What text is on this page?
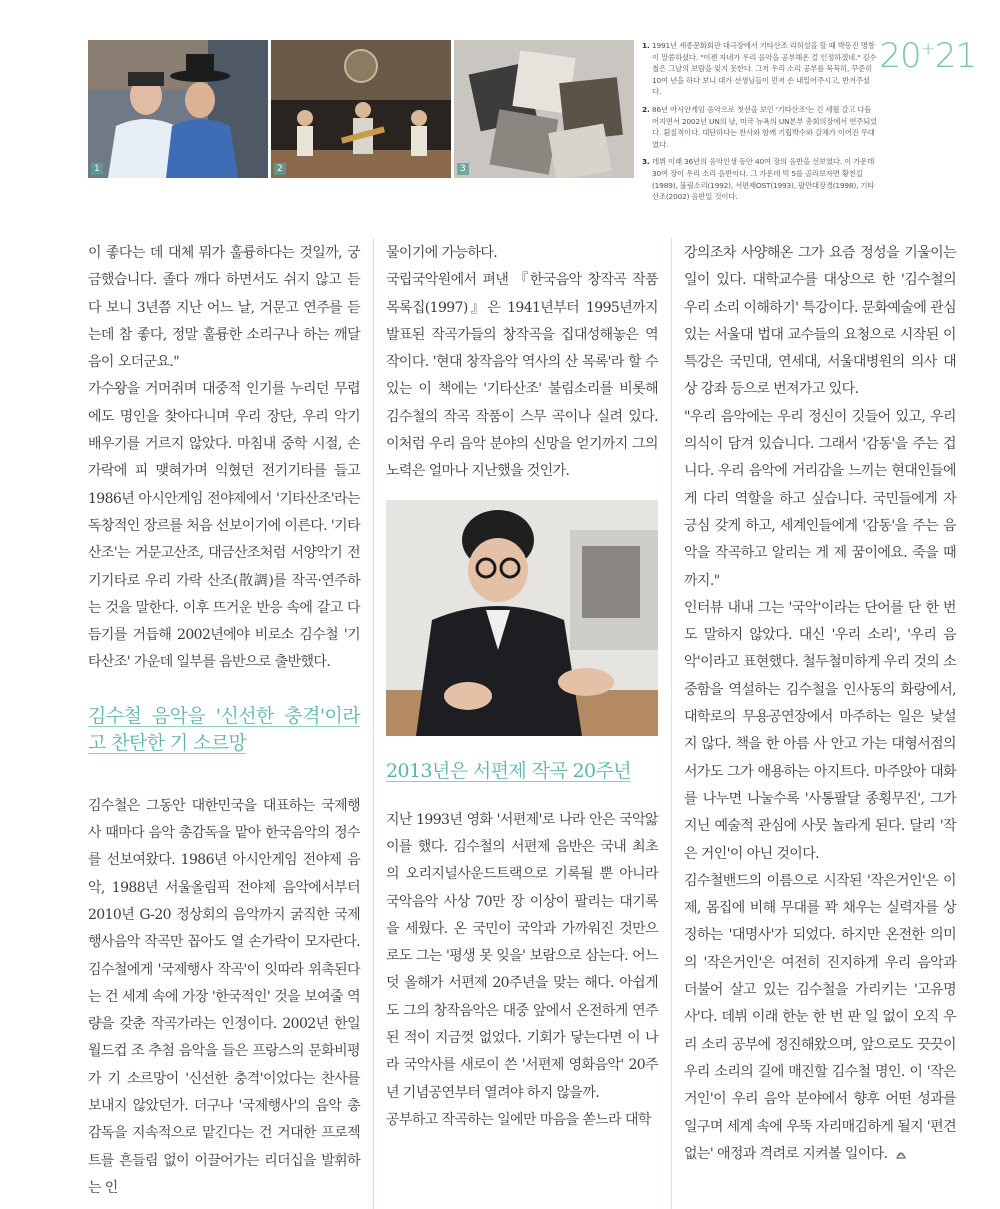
1	2	3

1. 1991년 세종문화회관 대극장에서 기타산조 리허설을 할 때 박동진 명창이 말씀하셨다. "이젠 자네가 우리 음악을 공부해온 걸 인정하겠네." 김수철은 그날의 보람을 잊지 못한다. 그저 우리 소리 공부를 묵묵히, 꾸준히 10여 년을 하다 보니 대가 선생님들이 먼저 손 내밀어주시고, 반겨주셨다.

2. 86년 아시안게임 음악으로 첫선을 보인 '기타산조'는 긴 세월 갈고 다듬어지면서 2002년 UN의 날, 미국 뉴욕의 UN본부 총회의장에서 연주되었다. 훤칠적이다. 대단하다는 찬사와 함께 기립박수와 갈채가 이어진 무대였다.

3. 데뷔 이래 36년의 음악인생 동안 40여 장의 음반을 선보였다. 이 가운데 30여 장이 우리 소리 음반이다. 그 가운데 빅 5를 골라보자면 황천길(1989), 불림소리(1992), 서편제OST(1993), 팔만대장경(1998), 기타산조(2002) 음반일 것이다.

20+21

이 좋다는 데 대체 뭐가 훌륭하다는 것일까, 궁금했습니다. 졸다 깨다 하면서도 쉬지 않고 듣다 보니 3년쯤 지난 어느 날, 거문고 연주를 듣는데 참 좋다, 정말 훌륭한 소리구나 하는 깨달음이 오더군요."

가수왕을 거머쥐며 대중적 인기를 누리던 무렵에도 명인을 찾아다니며 우리 장단, 우리 악기 배우기를 거르지 않았다. 마침내 중학 시절, 손가락에 피 맺혀가며 익혔던 전기기타를 들고 1986년 아시안게임 전야제에서 '기타산조'라는 독창적인 장르를 처음 선보이기에 이른다. '기타산조'는 거문고산조, 대금산조처럼 서양악기 전기기타로 우리 가락 산조(散調)를 작곡·연주하는 것을 말한다. 이후 뜨거운 반응 속에 갈고 다듬기를 거듭해 2002년에야 비로소 김수철 '기타산조' 가운데 일부를 음반으로 출반했다.

김수철 음악을 '신선한 충격'이라고 찬탄한 기 소르망

김수철은 그동안 대한민국을 대표하는 국제행사 때마다 음악 총감독을 맡아 한국음악의 정수를 선보여왔다. 1986년 아시안게임 전야제 음악, 1988년 서울올림픽 전야제 음악에서부터 2010년 G-20 정상회의 음악까지 굵직한 국제행사음악 작곡만 꼽아도 열 손가락이 모자란다. 김수철에게 '국제행사 작곡'이 잇따라 위촉된다는 건 세계 속에 가장 '한국적인' 것을 보여줄 역량을 갖춘 작곡가라는 인정이다. 2002년 한일월드컵 조 추첨 음악을 들은 프랑스의 문화비평가 기 소르망이 '신선한 충격'이었다는 찬사를 보내지 않았던가. 더구나 '국제행사'의 음악 총감독을 지속적으로 맡긴다는 건 거대한 프로젝트를 흔들림 없이 이끌어가는 리더십을 발휘하는 인

물이기에 가능하다.

국립국악원에서 펴낸 『한국음악 창작곡 작품목록집(1997)』은 1941년부터 1995년까지 발표된 작곡가들의 창작곡을 집대성해놓은 역작이다. '현대 창작음악 역사의 산 목록'라 할 수 있는 이 책에는 '기타산조' 불림소리를 비롯해 김수철의 작곡 작품이 스무 곡이나 실려 있다. 이처럼 우리 음악 분야의 신망을 얻기까지 그의 노력은 얼마나 지난했을 것인가.

2013년은 서편제 작곡 20주년

지난 1993년 영화 '서편제'로 나라 안은 국악앓이를 했다. 김수철의 서편제 음반은 국내 최초의 오리지널사운드트랙으로 기록될 뿐 아니라 국악음악 사상 70만 장 이상이 팔리는 대기록을 세웠다. 온 국민이 국악과 가까워진 것만으로도 그는 '평생 못 잊을' 보람으로 삼는다. 어느덧 올해가 서편제 20주년을 맞는 해다. 아쉽게도 그의 창작음악은 대중 앞에서 온전하게 연주된 적이 지금껏 없었다. 기회가 닿는다면 이 나라 국악사를 새로이 쓴 '서편제 영화음악' 20주년 기념공연부터 열려야 하지 않을까.

공부하고 작곡하는 일에만 마음을 쏟느라 대학

강의조차 사양해온 그가 요즘 정성을 기울이는 일이 있다. 대학교수를 대상으로 한 '김수철의 우리 소리 이해하기' 특강이다. 문화예술에 관심 있는 서울대 법대 교수들의 요청으로 시작된 이 특강은 국민대, 연세대, 서울대병원의 의사 대상 강좌 등으로 번져가고 있다.

"우리 음악에는 우리 정신이 깃들어 있고, 우리 의식이 담겨 있습니다. 그래서 '감동'을 주는 겁니다. 우리 음악에 거리감을 느끼는 현대인들에게 다리 역할을 하고 싶습니다. 국민들에게 자긍심 갖게 하고, 세계인들에게 '감동'을 주는 음악을 작곡하고 알리는 게 제 꿈이에요. 죽을 때까지."

인터뷰 내내 그는 '국악'이라는 단어를 단 한 번도 말하지 않았다. 대신 '우리 소리', '우리 음악'이라고 표현했다. 철두철미하게 우리 것의 소중함을 역설하는 김수철을 인사동의 화랑에서, 대학로의 무용공연장에서 마주하는 일은 낯설지 않다. 책을 한 아름 사 안고 가는 대형서점의 서가도 그가 애용하는 아지트다. 마주앉아 대화를 나누면 나눌수록 '사통팔달 종횡무진', 그가 지닌 예술적 관심에 사뭇 놀라게 된다. 달리 '작은 거인'이 아닌 것이다.

김수철밴드의 이름으로 시작된 '작은거인'은 이제, 몸집에 비해 무대를 꽉 채우는 실력자를 상징하는 '대명사'가 되었다. 하지만 온전한 의미의 '작은거인'은 여전히 진지하게 우리 음악과 더불어 살고 있는 김수철을 가리키는 '고유명사'다. 데뷔 이래 한눈 한 번 판 일 없이 오직 우리 소리 공부에 정진해왔으며, 앞으로도 끗끗이 우리 소리의 길에 매진할 김수철 명인. 이 '작은거인'이 우리 음악 분야에서 향후 어떤 성과를 일구며 세계 속에 우뚝 자리매김하게 될지 '편견 없는' 애정과 격려로 지켜볼 일이다.
